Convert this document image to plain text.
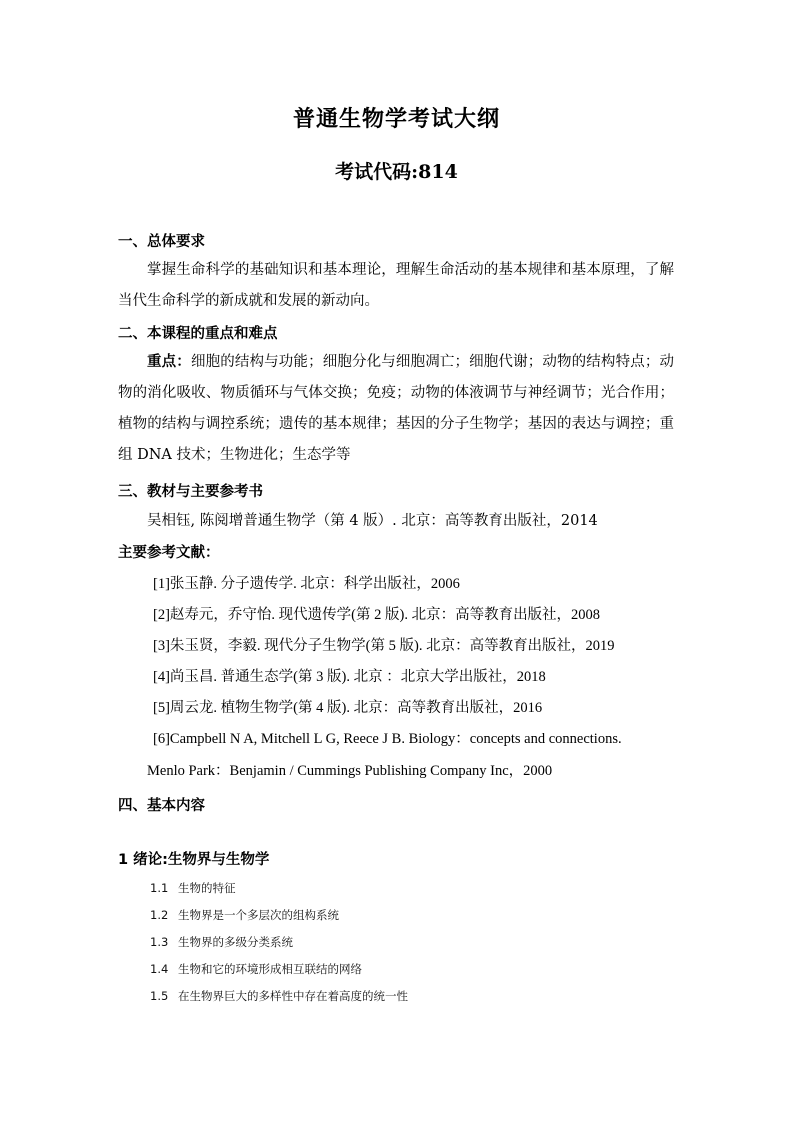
普通生物学考试大纲
考试代码:814
一、总体要求
掌握生命科学的基础知识和基本理论，理解生命活动的基本规律和基本原理，了解当代生命科学的新成就和发展的新动向。
二、本课程的重点和难点
重点：细胞的结构与功能；细胞分化与细胞凋亡；细胞代谢；动物的结构特点；动物的消化吸收、物质循环与气体交换；免疫；动物的体液调节与神经调节；光合作用；植物的结构与调控系统；遗传的基本规律；基因的分子生物学；基因的表达与调控；重组 DNA 技术；生物进化；生态学等
三、教材与主要参考书
吴相钰, 陈阅增普通生物学（第 4 版）. 北京：高等教育出版社，2014
主要参考文献：
[1]张玉静. 分子遗传学. 北京：科学出版社，2006
[2]赵寿元，乔守怡. 现代遗传学(第 2 版). 北京：高等教育出版社，2008
[3]朱玉贤，李毅. 现代分子生物学(第 5 版). 北京：高等教育出版社，2019
[4]尚玉昌. 普通生态学(第 3 版). 北京 ：北京大学出版社，2018
[5]周云龙. 植物生物学(第 4 版). 北京：高等教育出版社，2016
[6]Campbell N A, Mitchell L G, Reece J B. Biology：concepts and connections.
Menlo Park：Benjamin / Cummings Publishing Company Inc，2000
四、基本内容
1 绪论:生物界与生物学
1.1 生物的特征
1.2 生物界是一个多层次的组构系统
1.3 生物界的多级分类系统
1.4 生物和它的环境形成相互联结的网络
1.5 在生物界巨大的多样性中存在着高度的统一性
